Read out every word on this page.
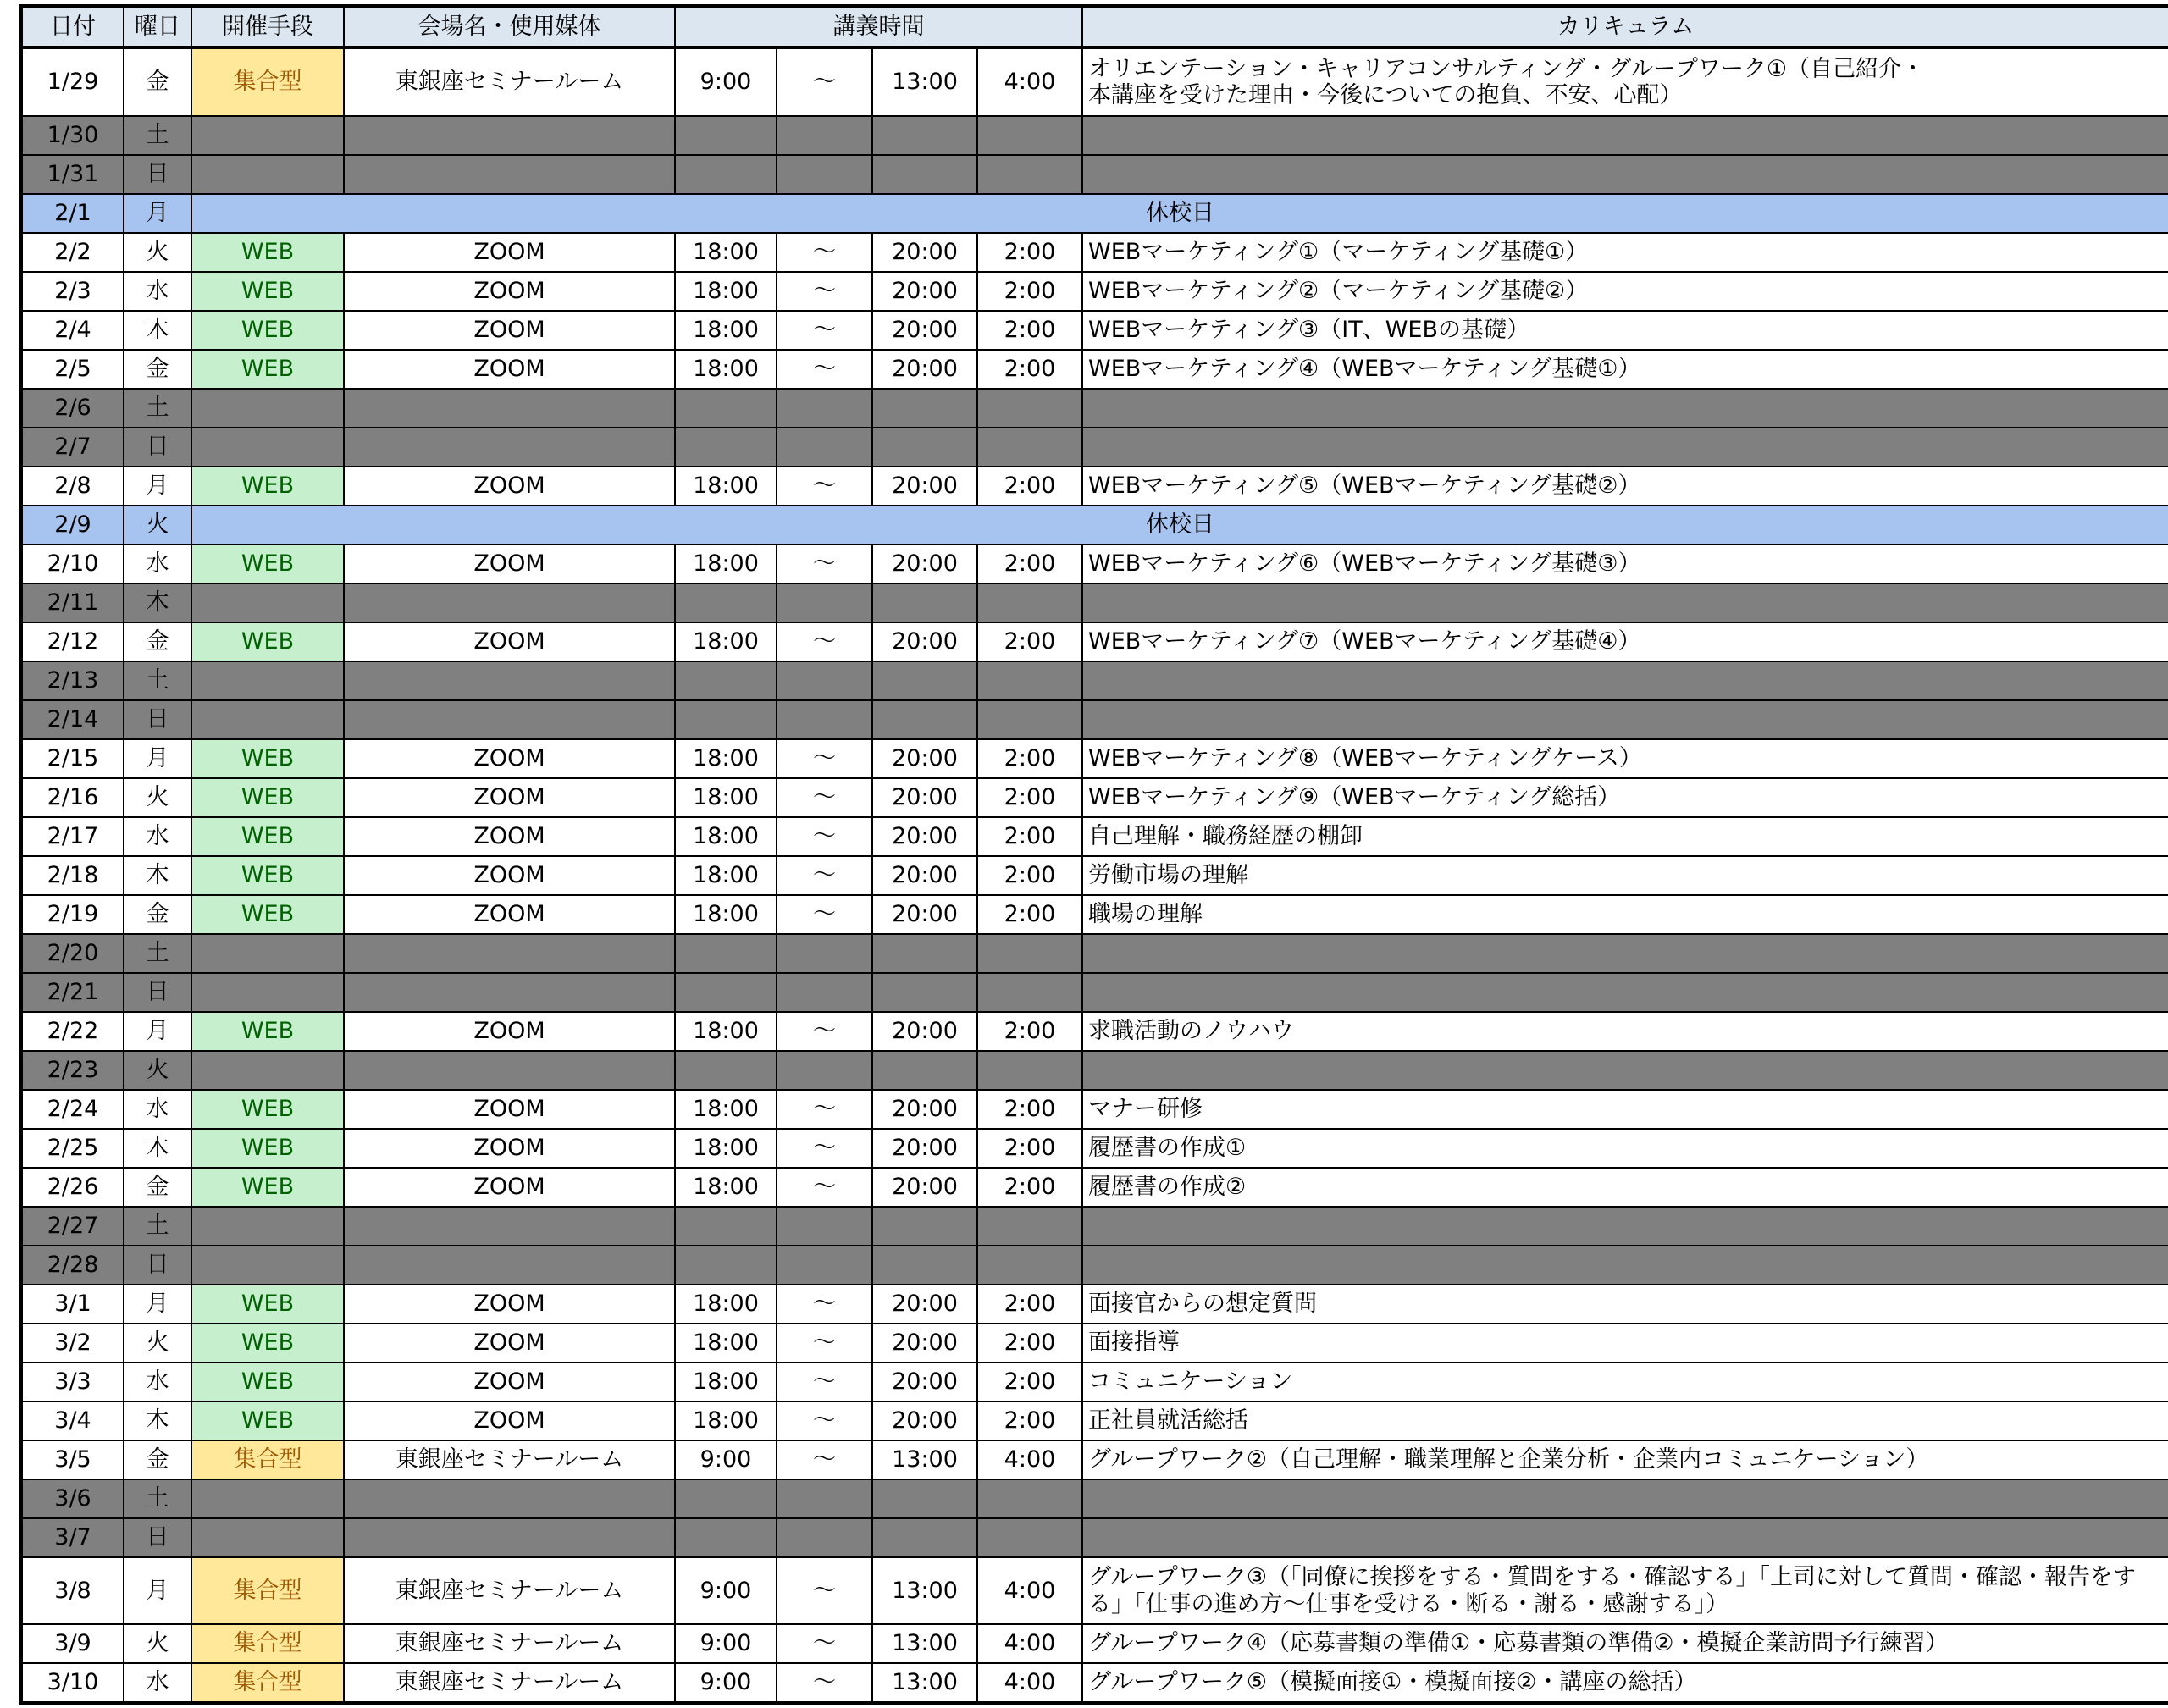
日付	曜日	開催手段	会場名・使用媒体	講義時間				カリキュラム
1/29	金	集合型	東銀座セミナールーム	9:00	～	13:00	4:00	オリエンテーション・キャリアコンサルティング・グループワーク①（自己紹介・
本講座を受けた理由・今後についての抱負、不安、心配）

1/30	土							
1/31	日							
2/1	月	休校日						
2/2	火	WEB	ZOOM	18:00	～	20:00	2:00	WEBマーケティング①（マーケティング基礎①）

2/3	水	WEB	ZOOM	18:00	～	20:00	2:00	WEBマーケティング②（マーケティング基礎②）

2/4	木	WEB	ZOOM	18:00	～	20:00	2:00	WEBマーケティング③（IT、WEBの基礎）

2/5	金	WEB	ZOOM	18:00	～	20:00	2:00	WEBマーケティング④（WEBマーケティング基礎①）

2/6	土							
2/7	日							
2/8	月	WEB	ZOOM	18:00	～	20:00	2:00	WEBマーケティング⑤（WEBマーケティング基礎②）

2/9	火	休校日						
2/10	水	WEB	ZOOM	18:00	～	20:00	2:00	WEBマーケティング⑥（WEBマーケティング基礎③）

2/11	木							
2/12	金	WEB	ZOOM	18:00	～	20:00	2:00	WEBマーケティング⑦（WEBマーケティング基礎④）

2/13	土							
2/14	日							
2/15	月	WEB	ZOOM	18:00	～	20:00	2:00	WEBマーケティング⑧（WEBマーケティングケース）

2/16	火	WEB	ZOOM	18:00	～	20:00	2:00	WEBマーケティング⑨（WEBマーケティング総括）

2/17	水	WEB	ZOOM	18:00	～	20:00	2:00	自己理解・職務経歴の棚卸

2/18	木	WEB	ZOOM	18:00	～	20:00	2:00	労働市場の理解

2/19	金	WEB	ZOOM	18:00	～	20:00	2:00	職場の理解

2/20	土							
2/21	日							
2/22	月	WEB	ZOOM	18:00	～	20:00	2:00	求職活動のノウハウ

2/23	火							
2/24	水	WEB	ZOOM	18:00	～	20:00	2:00	マナー研修

2/25	木	WEB	ZOOM	18:00	～	20:00	2:00	履歴書の作成①

2/26	金	WEB	ZOOM	18:00	～	20:00	2:00	履歴書の作成②

2/27	土							
2/28	日							
3/1	月	WEB	ZOOM	18:00	～	20:00	2:00	面接官からの想定質問

3/2	火	WEB	ZOOM	18:00	～	20:00	2:00	面接指導

3/3	水	WEB	ZOOM	18:00	～	20:00	2:00	コミュニケーション

3/4	木	WEB	ZOOM	18:00	～	20:00	2:00	正社員就活総括

3/5	金	集合型	東銀座セミナールーム	9:00	～	13:00	4:00	グループワーク②（自己理解・職業理解と企業分析・企業内コミュニケーション）

3/6	土							
3/7	日							
3/8	月	集合型	東銀座セミナールーム	9:00	～	13:00	4:00	グループワーク③（「同僚に挨拶をする・質問をする・確認する」「上司に対して質問・確認・報告をす
る」「仕事の進め方～仕事を受ける・断る・謝る・感謝する」）

3/9	火	集合型	東銀座セミナールーム	9:00	～	13:00	4:00	グループワーク④（応募書類の準備①・応募書類の準備②・模擬企業訪問予行練習）

3/10	水	集合型	東銀座セミナールーム	9:00	～	13:00	4:00	グループワーク⑤（模擬面接①・模擬面接②・講座の総括）
